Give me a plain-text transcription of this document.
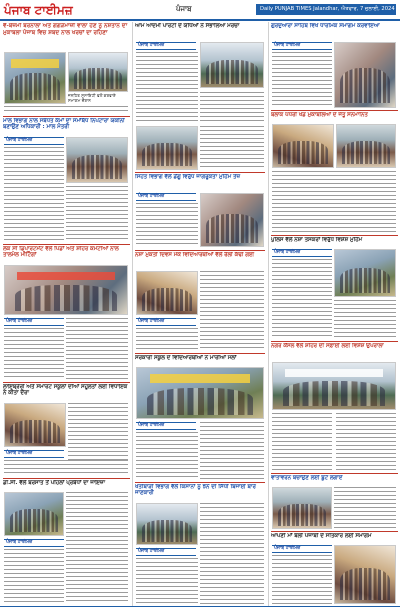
ਪੰਜਾਬ ਟਾਈਮਜ਼	ਪੰਜਾਬ	Daily PUNJAB TIMES Jalandhar, ਐਤਵਾਰ, 7 ਜੁਲਾਈ, 2024
ਵੈ-ਬੇਜ਼ਮੀ ਬਰਨਾਲਾ ਅਤੇ ਗਗੜੋਮਾਜ਼ੀ ਵਾਲਾ ਹੋਣ ਨੂੰ ਨਸ਼ਤਾਨ ਦਾ ਮੁਕਾਬਲਾ ਪੰਜਾਬ ਵਿਚ ਸ਼ਬਦ ਨਾਲ ਖਰਚਾਂ ਦਾ ਰਹਿਣਾ
ਜਨਹਿਤ ਸੁਸਾਇਟੀ ਵਲੋਂ ਕਰਵਾਏ ਸਮਾਗਮ ਦੌਰਾਨ
ਮਾਲ ਵਿਭਾਗ ਨਾਲ ਸਬੰਧਤ ਕੰਮਾਂ ਦਾ ਸਮਾਂਬੱਧ ਨਿਪਟਾਰਾ ਯਕੀਨੀ ਬਣਾਉਣ ਅਧਿਕਾਰੀ : ਮਾਲ ਮੰਤਰੀ
ਪੰਜਾਬ ਟਾਈਮਜ਼
ਲੋਕ ਸੀ ਡਿਪਾਰਟਮੈਂਟ ਵੱਲੋਂ ਪਿੰਡਾਂ ਅਤੇ ਸ਼ਹਿਰ ਕਮੇਟੀਆਂ ਨਾਲ ਤਾਲਮੇਲ ਮੀਟਿੰਗਾਂ
ਪੰਜਾਬ ਟਾਈਮਜ਼
ਲਾਇਬ੍ਰੇਰੀ ਅਤੇ ਸਮਾਰਟ ਸਕੂਲਾਂ ਦੀਆਂ ਸਹੂਲਤਾਂ ਲਈ ਵਿਧਾਇਕ ਨੇ ਕੀਤਾ ਦੌਰਾ
ਪੰਜਾਬ ਟਾਈਮਜ਼
ਡੀ.ਸੀ. ਵੱਲੋਂ ਬਰਸਾਤ ਤੋਂ ਪਹਿਲਾਂ ਪ੍ਰਬੰਧਾਂ ਦਾ ਜਾਇਜ਼ਾ
ਪੰਜਾਬ ਟਾਈਮਜ਼
ਆਮ ਆਦਮੀ ਪਾਰਟੀ ਦੇ ਯੋਧਿਆਂ ਨੇ ਸੰਭਾਲਿਆ ਮੋਰਚਾ
ਪੰਜਾਬ ਟਾਈਮਜ਼
ਸਿਹਤ ਵਿਭਾਗ ਵੱਲੋਂ ਡੇਂਗੂ ਵਿਰੁੱਧ ਜਾਗਰੂਕਤਾ ਮੁਹਿੰਮ ਤੇਜ਼
ਪੰਜਾਬ ਟਾਈਮਜ਼
ਨਸ਼ਾ ਮੁਕਤੀ ਦਿਵਸ ਮੌਕੇ ਵਿਦਿਆਰਥੀਆਂ ਵੱਲੋਂ ਰੈਲੀ ਕੱਢੀ ਗਈ
ਪੰਜਾਬ ਟਾਈਮਜ਼
ਸਰਕਾਰੀ ਸਕੂਲ ਦੇ ਵਿਦਿਆਰਥੀਆਂ ਨੇ ਮਾਰੀਆਂ ਮੱਲਾਂ
ਪੰਜਾਬ ਟਾਈਮਜ਼
ਖੇਤੀਬਾੜੀ ਵਿਭਾਗ ਵੱਲੋਂ ਕਿਸਾਨਾਂ ਨੂੰ ਝੋਨੇ ਦੀ ਸਿੱਧੀ ਬਿਜਾਈ ਬਾਰੇ ਜਾਣਕਾਰੀ
ਪੰਜਾਬ ਟਾਈਮਜ਼
ਗੁਰਦੁਆਰਾ ਸਾਹਿਬ ਵਿਖੇ ਧਾਰਮਿਕ ਸਮਾਗਮ ਕਰਵਾਇਆ
ਪੰਜਾਬ ਟਾਈਮਜ਼
ਬਲਾਕ ਪੱਧਰੀ ਖੇਡ ਮੁਕਾਬਲਿਆਂ ਦੇ ਜੇਤੂ ਸਨਮਾਨਿਤ
ਪੁਲਿਸ ਵੱਲੋਂ ਨਸ਼ਾ ਤਸਕਰਾਂ ਵਿਰੁੱਧ ਵਿਸ਼ੇਸ਼ ਮੁਹਿੰਮ
ਪੰਜਾਬ ਟਾਈਮਜ਼
ਨਗਰ ਕੌਂਸਲ ਵੱਲੋਂ ਸ਼ਹਿਰ ਦੀ ਸਫ਼ਾਈ ਲਈ ਵਿਸ਼ੇਸ਼ ਉਪਰਾਲਾ
ਵਾਤਾਵਰਨ ਬਚਾਉਣ ਲਈ ਬੂਟੇ ਲਗਾਏ
ਆਪਣੀ ਮਾਂ ਬੋਲੀ ਪੰਜਾਬੀ ਦੇ ਸਤਿਕਾਰ ਲਈ ਸਮਾਗਮ
ਪੰਜਾਬ ਟਾਈਮਜ਼
